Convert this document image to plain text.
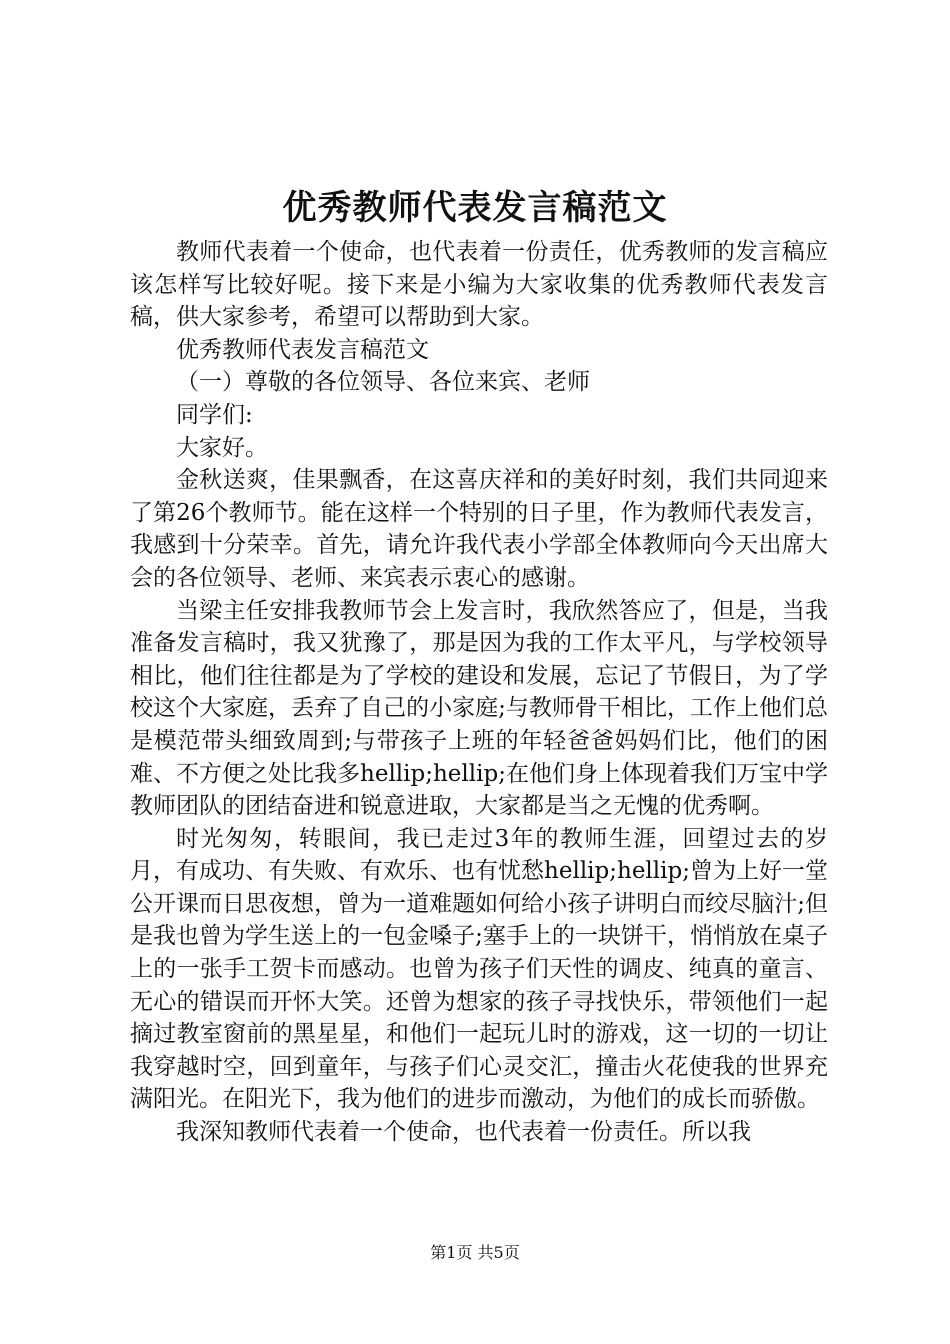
优秀教师代表发言稿范文

教师代表着一个使命，也代表着一份责任，优秀教师的发言稿应该怎样写比较好呢。接下来是小编为大家收集的优秀教师代表发言稿，供大家参考，希望可以帮助到大家。

优秀教师代表发言稿范文

（一）尊敬的各位领导、各位来宾、老师

同学们:

大家好。

金秋送爽，佳果飘香，在这喜庆祥和的美好时刻，我们共同迎来了第26个教师节。能在这样一个特别的日子里，作为教师代表发言，我感到十分荣幸。首先，请允许我代表小学部全体教师向今天出席大会的各位领导、老师、来宾表示衷心的感谢。

当梁主任安排我教师节会上发言时，我欣然答应了，但是，当我准备发言稿时，我又犹豫了，那是因为我的工作太平凡，与学校领导相比，他们往往都是为了学校的建设和发展，忘记了节假日，为了学校这个大家庭，丢弃了自己的小家庭;与教师骨干相比，工作上他们总是模范带头细致周到;与带孩子上班的年轻爸爸妈妈们比，他们的困难、不方便之处比我多hellip;hellip;在他们身上体现着我们万宝中学教师团队的团结奋进和锐意进取，大家都是当之无愧的优秀啊。

时光匆匆，转眼间，我已走过3年的教师生涯，回望过去的岁月，有成功、有失败、有欢乐、也有忧愁hellip;hellip;曾为上好一堂公开课而日思夜想，曾为一道难题如何给小孩子讲明白而绞尽脑汁;但是我也曾为学生送上的一包金嗓子;塞手上的一块饼干，悄悄放在桌子上的一张手工贺卡而感动。也曾为孩子们天性的调皮、纯真的童言、无心的错误而开怀大笑。还曾为想家的孩子寻找快乐，带领他们一起摘过教室窗前的黑星星，和他们一起玩儿时的游戏，这一切的一切让我穿越时空，回到童年，与孩子们心灵交汇，撞击火花使我的世界充满阳光。在阳光下，我为他们的进步而激动，为他们的成长而骄傲。

我深知教师代表着一个使命，也代表着一份责任。所以我

第1页 共5页
